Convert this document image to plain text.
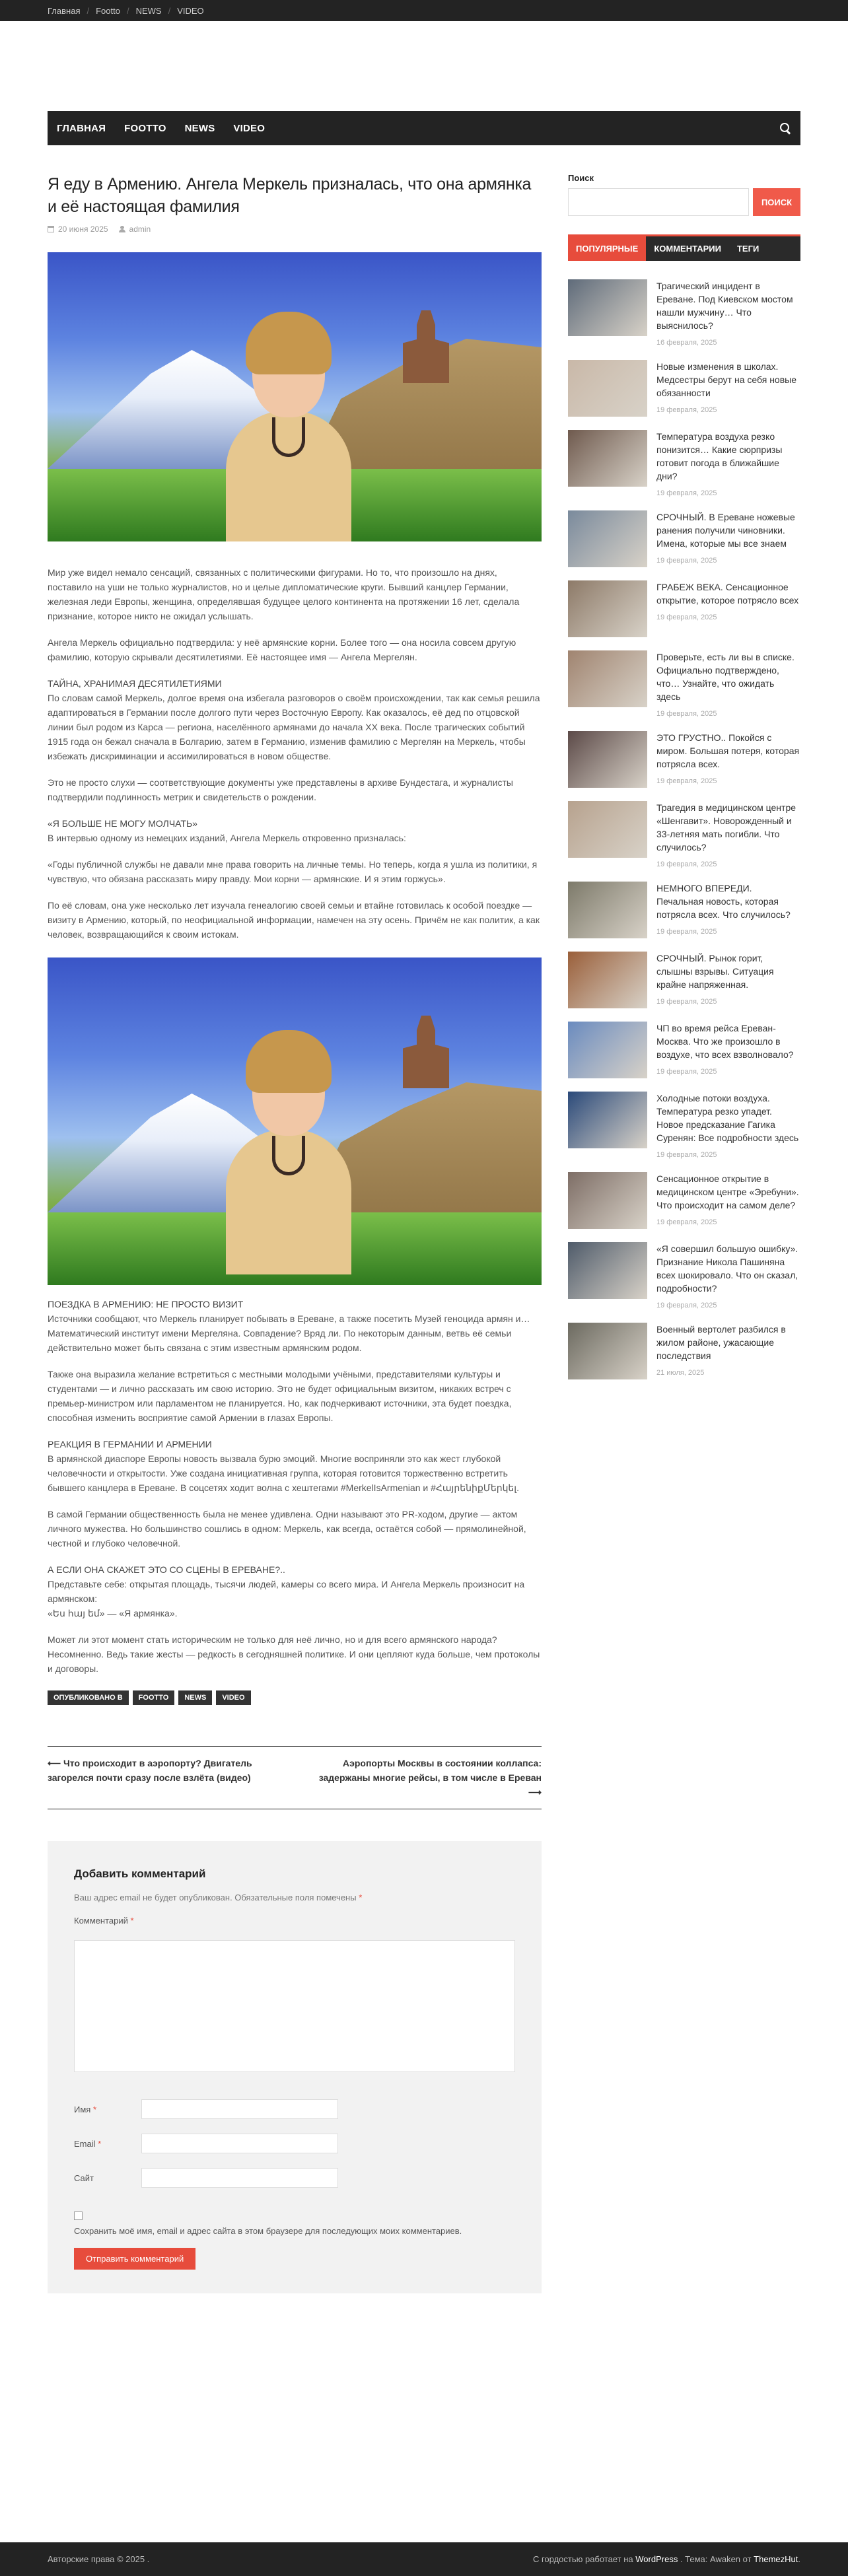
Главная / Footto / NEWS / VIDEO
ГЛАВНАЯ FOOTTO NEWS VIDEO
Я еду в Армению. Ангела Меркель призналась, что она армянка и её настоящая фамилия
20 июня 2025	admin

Мир уже видел немало сенсаций, связанных с политическими фигурами. Но то, что произошло на днях, поставило на уши не только журналистов, но и целые дипломатические круги. Бывший канцлер Германии, железная леди Европы, женщина, определявшая будущее целого континента на протяжении 16 лет, сделала признание, которое никто не ожидал услышать.

Ангела Меркель официально подтвердила: у неё армянские корни. Более того — она носила совсем другую фамилию, которую скрывали десятилетиями. Её настоящее имя — Ангела Мергелян.

ТАЙНА, ХРАНИМАЯ ДЕСЯТИЛЕТИЯМИ

По словам самой Меркель, долгое время она избегала разговоров о своём происхождении, так как семья решила адаптироваться в Германии после долгого пути через Восточную Европу. Как оказалось, её дед по отцовской линии был родом из Карса — региона, населённого армянами до начала XX века. После трагических событий 1915 года он бежал сначала в Болгарию, затем в Германию, изменив фамилию с Мергелян на Меркель, чтобы избежать дискриминации и ассимилироваться в новом обществе.

Это не просто слухи — соответствующие документы уже представлены в архиве Бундестага, и журналисты подтвердили подлинность метрик и свидетельств о рождении.

«Я БОЛЬШЕ НЕ МОГУ МОЛЧАТЬ»

В интервью одному из немецких изданий, Ангела Меркель откровенно призналась:

«Годы публичной службы не давали мне права говорить на личные темы. Но теперь, когда я ушла из политики, я чувствую, что обязана рассказать миру правду. Мои корни — армянские. И я этим горжусь».

По её словам, она уже несколько лет изучала генеалогию своей семьи и втайне готовилась к особой поездке — визиту в Армению, который, по неофициальной информации, намечен на эту осень. Причём не как политик, а как человек, возвращающийся к своим истокам.

ПОЕЗДКА В АРМЕНИЮ: НЕ ПРОСТО ВИЗИТ

Источники сообщают, что Меркель планирует побывать в Ереване, а также посетить Музей геноцида армян и… Математический институт имени Мергеляна. Совпадение? Вряд ли. По некоторым данным, ветвь её семьи действительно может быть связана с этим известным армянским родом.

Также она выразила желание встретиться с местными молодыми учёными, представителями культуры и студентами — и лично рассказать им свою историю. Это не будет официальным визитом, никаких встреч с премьер-министром или парламентом не планируется. Но, как подчеркивают источники, эта будет поездка, способная изменить восприятие самой Армении в глазах Европы.

РЕАКЦИЯ В ГЕРМАНИИ И АРМЕНИИ

В армянской диаспоре Европы новость вызвала бурю эмоций. Многие восприняли это как жест глубокой человечности и открытости. Уже создана инициативная группа, которая готовится торжественно встретить бывшего канцлера в Ереване. В соцсетях ходит волна с хештегами #MerkelIsArmenian и #ՀայրենիքՄերկել.

В самой Германии общественность была не менее удивлена. Одни называют это PR-ходом, другие — актом личного мужества. Но большинство сошлись в одном: Меркель, как всегда, остаётся собой — прямолинейной, честной и глубоко человечной.

А ЕСЛИ ОНА СКАЖЕТ ЭТО СО СЦЕНЫ В ЕРЕВАНЕ?..

Представьте себе: открытая площадь, тысячи людей, камеры со всего мира. И Ангела Меркель произносит на армянском:

«Ես հայ եմ» — «Я армянка».

Может ли этот момент стать историческим не только для неё лично, но и для всего армянского народа? Несомненно. Ведь такие жесты — редкость в сегодняшней политике. И они цепляют куда больше, чем протоколы и договоры.

ОПУБЛИКОВАНО В	FOOTTO	NEWS	VIDEO
⟵ Что происходит в аэропорту? Двигатель загорелся почти сразу после взлёта (видео)
Аэропорты Москвы в состоянии коллапса: задержаны многие рейсы, в том числе в Ереван ⟶
Добавить комментарий
Ваш адрес email не будет опубликован. Обязательные поля помечены *
Комментарий *
Имя *
Email *
Сайт
Сохранить моё имя, email и адрес сайта в этом браузере для последующих моих комментариев.
Отправить комментарий
Поиск
ПОИСК
ПОПУЛЯРНЫЕ	КОММЕНТАРИИ	ТЕГИ
Трагический инцидент в Ереване. Под Киевском мостом нашли мужчину… Что выяснилось?
16 февраля, 2025
Новые изменения в школах. Медсестры берут на себя новые обязанности
19 февраля, 2025
Температура воздуха резко понизится… Какие сюрпризы готовит погода в ближайшие дни?
19 февраля, 2025
СРОЧНЫЙ. В Ереване ножевые ранения получили чиновники. Имена, которые мы все знаем
19 февраля, 2025
ГРАБЕЖ ВЕКА. Сенсационное открытие, которое потрясло всех
19 февраля, 2025
Проверьте, есть ли вы в списке. Официально подтверждено, что… Узнайте, что ожидать здесь
19 февраля, 2025
ЭТО ГРУСТНО.. Покойся с миром. Большая потеря, которая потрясла всех.
19 февраля, 2025
Трагедия в медицинском центре «Шенгавит». Новорожденный и 33-летняя мать погибли. Что случилось?
19 февраля, 2025
НЕМНОГО ВПЕРЕДИ. Печальная новость, которая потрясла всех. Что случилось?
19 февраля, 2025
СРОЧНЫЙ. Рынок горит, слышны взрывы. Ситуация крайне напряженная.
19 февраля, 2025
ЧП во время рейса Ереван-Москва. Что же произошло в воздухе, что всех взволновало?
19 февраля, 2025
Холодные потоки воздуха. Температура резко упадет. Новое предсказание Гагика Суренян: Все подробности здесь
19 февраля, 2025
Сенсационное открытие в медицинском центре «Эребуни». Что происходит на самом деле?
19 февраля, 2025
«Я совершил большую ошибку». Признание Николa Пашиняна всех шокировало. Что он сказал, подробности?
19 февраля, 2025
Военный вертолет разбился в жилом районе, ужасающие последствия
21 июля, 2025
Авторские права © 2025 .	С гордостью работает на WordPress . Тема: Awaken от ThemezHut.
